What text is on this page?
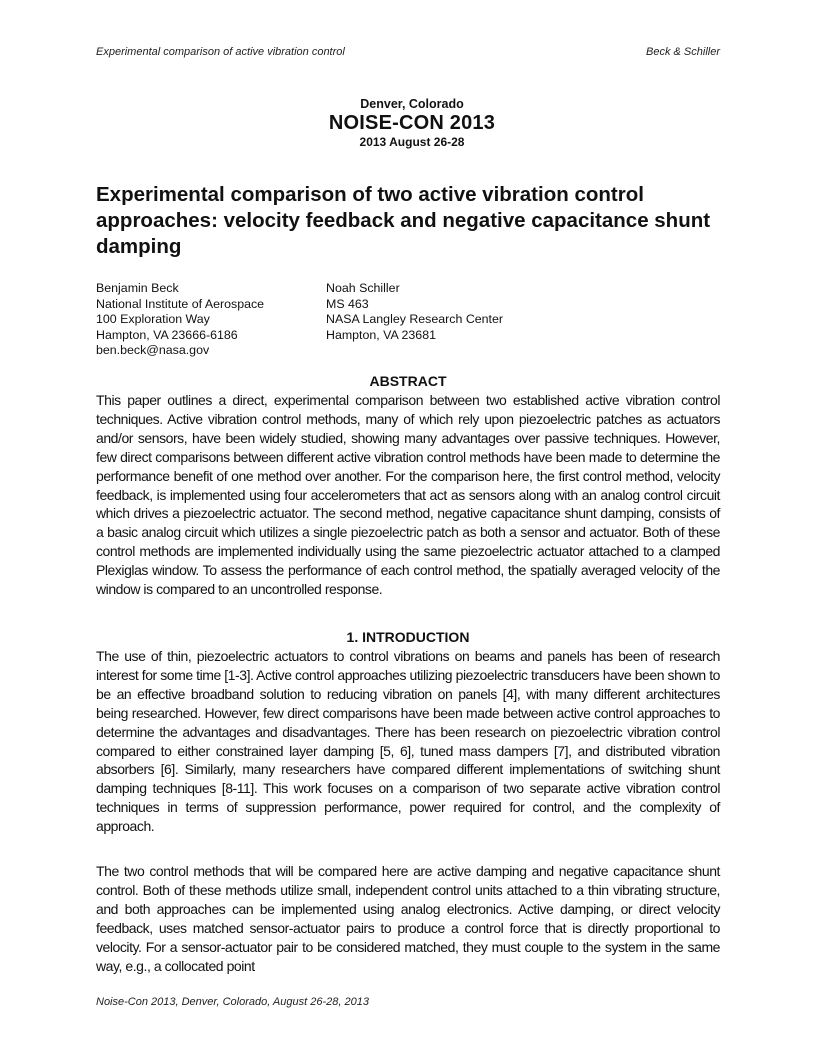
Experimental comparison of active vibration control	Beck & Schiller
Denver, Colorado
NOISE-CON 2013
2013 August 26-28
Experimental comparison of two active vibration control approaches: velocity feedback and negative capacitance shunt damping
Benjamin Beck
National Institute of Aerospace
100 Exploration Way
Hampton, VA 23666-6186
ben.beck@nasa.gov
Noah Schiller
MS 463
NASA Langley Research Center
Hampton, VA 23681
ABSTRACT

This paper outlines a direct, experimental comparison between two established active vibration control techniques. Active vibration control methods, many of which rely upon piezoelectric patches as actuators and/or sensors, have been widely studied, showing many advantages over passive techniques. However, few direct comparisons between different active vibration control methods have been made to determine the performance benefit of one method over another. For the comparison here, the first control method, velocity feedback, is implemented using four accelerometers that act as sensors along with an analog control circuit which drives a piezoelectric actuator. The second method, negative capacitance shunt damping, consists of a basic analog circuit which utilizes a single piezoelectric patch as both a sensor and actuator. Both of these control methods are implemented individually using the same piezoelectric actuator attached to a clamped Plexiglas window. To assess the performance of each control method, the spatially averaged velocity of the window is compared to an uncontrolled response.

1. INTRODUCTION

The use of thin, piezoelectric actuators to control vibrations on beams and panels has been of research interest for some time [1-3]. Active control approaches utilizing piezoelectric transducers have been shown to be an effective broadband solution to reducing vibration on panels [4], with many different architectures being researched. However, few direct comparisons have been made between active control approaches to determine the advantages and disadvantages. There has been research on piezoelectric vibration control compared to either constrained layer damping [5, 6], tuned mass dampers [7], and distributed vibration absorbers [6]. Similarly, many researchers have compared different implementations of switching shunt damping techniques [8-11]. This work focuses on a comparison of two separate active vibration control techniques in terms of suppression performance, power required for control, and the complexity of approach.

The two control methods that will be compared here are active damping and negative capacitance shunt control. Both of these methods utilize small, independent control units attached to a thin vibrating structure, and both approaches can be implemented using analog electronics. Active damping, or direct velocity feedback, uses matched sensor-actuator pairs to produce a control force that is directly proportional to velocity. For a sensor-actuator pair to be considered matched, they must couple to the system in the same way, e.g., a collocated point

Noise-Con 2013, Denver, Colorado, August 26-28, 2013
